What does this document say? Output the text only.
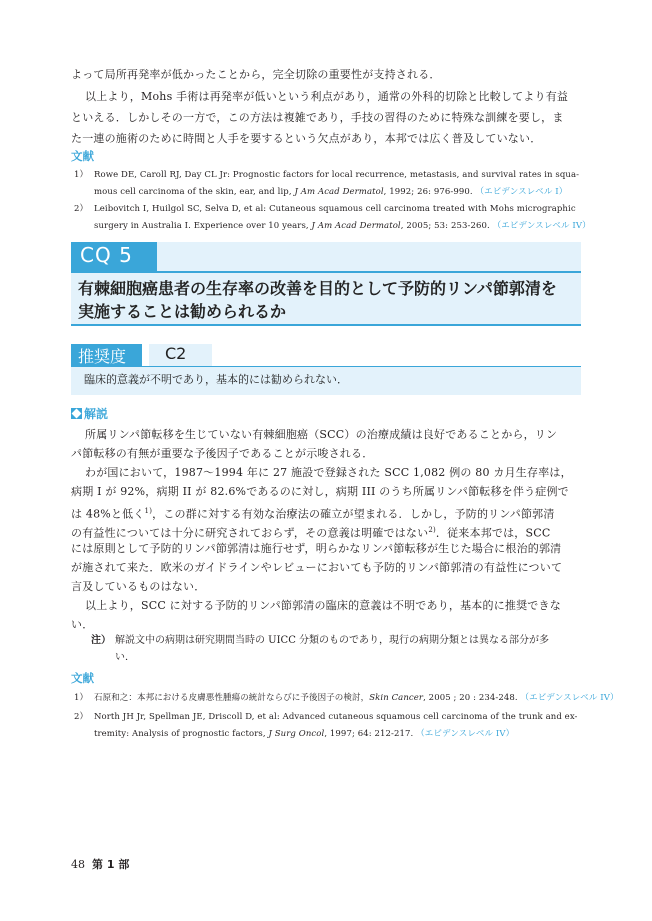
よって局所再発率が低かったことから，完全切除の重要性が支持される．
以上より，Mohs 手術は再発率が低いという利点があり，通常の外科的切除と比較してより有益
といえる．しかしその一方で，この方法は複雑であり，手技の習得のために特殊な訓練を要し，ま
た一連の施術のために時間と人手を要するという欠点があり，本邦では広く普及していない．
文献
1） Rowe DE, Caroll RJ, Day CL Jr: Prognostic factors for local recurrence, metastasis, and survival rates in squa-
mous cell carcinoma of the skin, ear, and lip, J Am Acad Dermatol, 1992; 26: 976-990. （エビデンスレベル I）
2） Leibovitch I, Huilgol SC, Selva D, et al: Cutaneous squamous cell carcinoma treated with Mohs micrographic
surgery in Australia I. Experience over 10 years, J Am Acad Dermatol, 2005; 53: 253-260. （エビデンスレベル IV）
CQ 5
有棘細胞癌患者の生存率の改善を目的として予防的リンパ節郭清を
実施することは勧められるか
推奨度 C2
臨床的意義が不明であり，基本的には勧められない．
解説
所属リンパ節転移を生じていない有棘細胞癌（SCC）の治療成績は良好であることから，リン
パ節転移の有無が重要な予後因子であることが示唆される．
わが国において，1987～1994 年に 27 施設で登録された SCC 1,082 例の 80 カ月生存率は，
病期 I が 92%，病期 II が 82.6%であるのに対し，病期 III のうち所属リンパ節転移を伴う症例で
は 48%と低く$^{1)}$，この群に対する有効な治療法の確立が望まれる．しかし，予防的リンパ節郭清
の有益性については十分に研究されておらず，その意義は明確ではない$^{2)}$．従来本邦では，SCC
には原則として予防的リンパ節郭清は施行せず，明らかなリンパ節転移が生じた場合に根治的郭清
が施されて来た．欧米のガイドラインやレビューにおいても予防的リンパ節郭清の有益性について
言及しているものはない．
以上より，SCC に対する予防的リンパ節郭清の臨床的意義は不明であり，基本的に推奨できな
い．
注） 解説文中の病期は研究期間当時の UICC 分類のものであり，現行の病期分類とは異なる部分が多
い．
文献
1） 石原和之：本邦における皮膚悪性腫瘍の統計ならびに予後因子の検討，Skin Cancer, 2005 ; 20 : 234-248. （エビデンスレベル IV）
2） North JH Jr, Spellman JE, Driscoll D, et al: Advanced cutaneous squamous cell carcinoma of the trunk and ex-
tremity: Analysis of prognostic factors, J Surg Oncol, 1997; 64: 212-217. （エビデンスレベル IV）
48 第 1 部
